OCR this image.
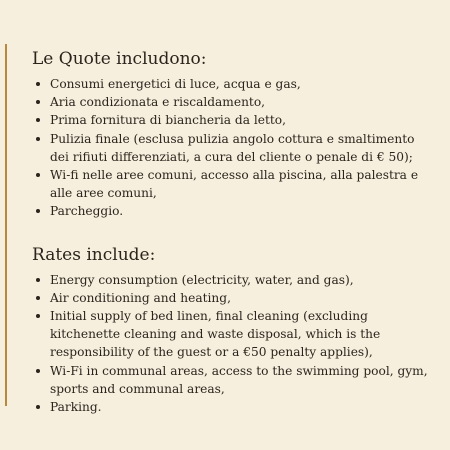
Le Quote includono:
Consumi energetici di luce, acqua e gas,
Aria condizionata e riscaldamento,
Prima fornitura di biancheria da letto,
Pulizia finale (esclusa pulizia angolo cottura e smaltimento dei rifiuti differenziati, a cura del cliente o penale di € 50);
Wi-fi nelle aree comuni, accesso alla piscina, alla palestra e alle aree comuni,
Parcheggio.
Rates include:
Energy consumption (electricity, water, and gas),
Air conditioning and heating,
Initial supply of bed linen, final cleaning (excluding kitchenette cleaning and waste disposal, which is the responsibility of the guest or a €50 penalty applies),
Wi-Fi in communal areas, access to the swimming pool, gym, sports and communal areas,
Parking.
